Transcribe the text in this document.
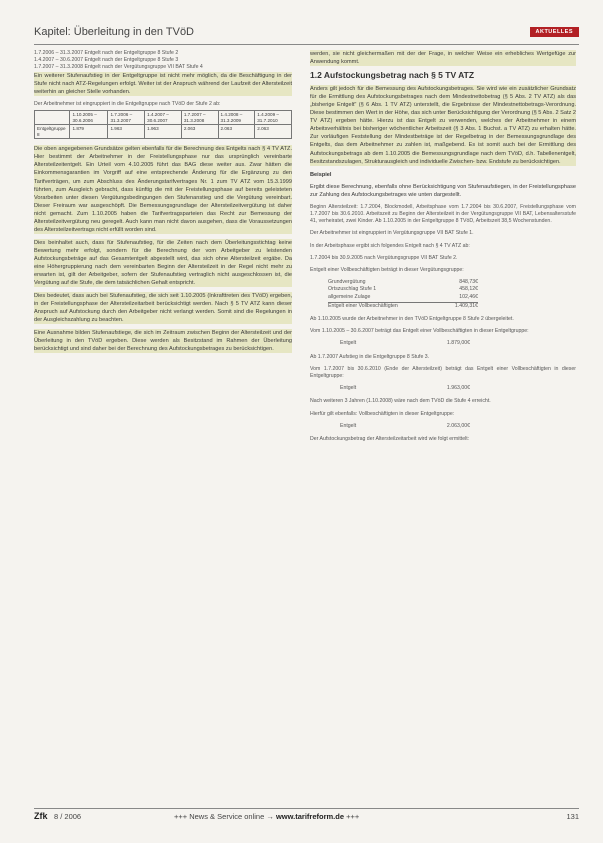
Kapitel: Überleitung in den TVöD	AKTUELLES
1.7.2006 – 31.3.2007 Entgelt nach der Entgeltgruppe 8 Stufe 2
1.4.2007 – 30.6.2007 Entgelt nach der Entgeltgruppe 8 Stufe 3
1.7.2007 – 31.3.2008 Entgelt nach der Vergütungsgruppe VII BAT Stufe 4

Ein weiterer Stufenaufstieg in der Entgeltgruppe ist nicht mehr möglich, da die Beschäftigung in der Stufe nicht nach ATZ-Regelungen erfolgt. Weiter ist der Anspruch während der Laufzeit der Altersteilzeit weiterhin an gleicher Stelle vorhanden.

Der Arbeitnehmer ist eingruppiert in die Entgeltgruppe nach TVöD der Stufe 2 ab:
	1.10.2005 – 30.6.2006	1.7.2006 – 31.3.2007	1.4.2007 – 30.6.2007	1.7.2007 – 31.3.2008	1.4.2008 – 31.3.2009	1.4.2009 – 31.7.2010
Entgeltgruppe 8	1.879	1.963	1.963	2.063	2.063	2.063

Die oben angegebenen Grundsätze gelten ebenfalls für die Berechnung des Entgelts nach § 4 TV ATZ. Hier bestimmt der Arbeitnehmer in der Freistellungsphase nur das ursprünglich vereinbarte Altersteilzeitentgelt. Ein Urteil vom 4.10.2005 führt das BAG diese weiter aus. Zwar hätten die Einkommensgarantien im Vorgriff auf eine entsprechende Änderung für die Ergänzung zu den Tarifverträgen, um zum Abschluss des Änderungstarifvertrages Nr. 1 zum TV ATZ vom 15.3.1999 führten, zum Ausgleich gebracht, dass künftig die mit der Freistellungsphase auf bereits geleisteten Vorarbeiten unter diesen Vergütungsbedingungen den Stufenanstieg und die Vergütung vereinbart. Dieser Freiraum war ausgeschöpft. Die Bemessungsgrundlage der Altersteilzeitvergütung ist daher nicht gemacht. Zum 1.10.2005 haben die Tarifvertragsparteien das Recht zur Bemessung der Altersteilzeitvergütung neu geregelt. Auch kann man nicht davon ausgehen, dass die Voraussetzungen des Altersteilzeitvertrags nicht erfüllt worden sind.

Dies beinhaltet auch, dass für Stufenaufstieg, für die Zeiten nach dem Überleitungsstichtag keine Bewertung mehr erfolgt, sondern für die Berechnung der vom Arbeitgeber zu leistenden Aufstockungsbeträge auf das Gesamtentgelt abgestellt wird, das sich ohne Altersteilzeit ergäbe. Da eine Höhergruppierung nach dem vereinbarten Beginn der Altersteilzeit in der Regel nicht mehr zu erwarten ist, gilt der Arbeitgeber, sofern der Stufenaufstieg vertraglich nicht ausgeschlossen ist, die Vergütung auf die Stufe, die dem tatsächlichen Gehalt entspricht.

Dies bedeutet, dass auch bei Stufenaufstieg, die sich seit 1.10.2005 (Inkrafttreten des TVöD) ergeben, in der Freistellungsphase der Altersteilzeitarbeit berücksichtigt werden. Nach § 5 TV ATZ kann dieser Anspruch auf Aufstockung durch den Arbeitgeber nicht verlangt werden. Somit sind die Regelungen in der Ausgleichszahlung zu beachten.

Eine Ausnahme bilden Stufenaufstiege, die sich im Zeitraum zwischen Beginn der Altersteilzeit und der Überleitung in den TVöD ergeben. Diese werden als Besitzstand im Rahmen der Überleitung berücksichtigt und sind daher bei der Berechnung des Aufstockungsbetrages zu berücksichtigen.

werden, sie nicht gleichermaßen mit der der Frage, in welcher Weise ein erhebliches Wertgefüge zur Anwendung kommt.

1.2 Aufstockungsbetrag nach § 5 TV ATZ

Anders gilt jedoch für die Bemessung des Aufstockungsbetrages. Sie wird wie ein zusätzlicher Grundsatz für die Ermittlung des Aufstockungsbetrages nach dem Mindestnettobetrag (§ 5 Abs. 2 TV ATZ) als das „bisherige Entgelt" (§ 6 Abs. 1 TV ATZ) unterstellt, die Ergebnisse der Mindestnettobetrags-Verordnung. Diese bestimmen den Wert in der Höhe, das sich unter Berücksichtigung der Verordnung (§ 5 Abs. 2 Satz 2 TV ATZ) ergeben hätte. Hierzu ist das Entgelt zu verwenden, welches der Arbeitnehmer in einem Arbeitsverhältnis bei bisheriger wöchentlicher Arbeitszeit (§ 3 Abs. 1 Buchst. a TV ATZ) zu erhalten hätte. Zur vorläufigen Feststellung der Mindestbeträge ist der Regelbetrag in der Bemessungsgrundlage des Entgelts, das dem Arbeitnehmer zu zahlen ist, maßgebend. Es ist somit auch bei der Ermittlung des Aufstockungsbetrags ab dem 1.10.2005 die Bemessungsgrundlage nach dem TVöD, d.h. Tabellenentgelt, Besitzstandszulagen, Strukturausgleich und individuelle Zwischen- bzw. Endstufe zu berücksichtigen.

Beispiel

Ergibt diese Berechnung, ebenfalls ohne Berücksichtigung von Stufenaufstiegen, in der Freistellungsphase zur Zahlung des Aufstockungsbetrages wie unten dargestellt.

Beginn Altersteilzeit: 1.7.2004, Blockmodell, Arbeitsphase vom 1.7.2004 bis 30.6.2007, Freistellungsphase vom 1.7.2007 bis 30.6.2010. Arbeitszeit zu Beginn der Altersteilzeit in der Vergütungsgruppe VII BAT, Lebensaltersstufe 41, verheiratet, zwei Kinder. Ab 1.10.2005 in der Entgeltgruppe 8 TVöD, Arbeitszeit 38,5 Wochenstunden.

Der Arbeitnehmer ist eingruppiert in Vergütungsgruppe VII BAT Stufe 1.

In der Arbeitsphase ergibt sich folgendes Entgelt nach § 4 TV ATZ ab:

1.7.2004 bis 30.9.2005 nach Vergütungsgruppe VII BAT Stufe 2.

Entgelt einer Vollbeschäftigten beträgt in dieser Vergütungsgruppe:

Grundvergütung	848,73€
Ortszuschlag Stufe 1	458,12€
allgemeine Zulage	102,46€
Entgelt einer Vollbeschäftigten	1.409,31€

Ab 1.10.2005 wurde der Arbeitnehmer in den TVöD Entgeltgruppe 8 Stufe 2 übergeleitet.

Vom 1.10.2005 – 30.6.2007 beträgt das Entgelt einer Vollbeschäftigten in dieser Entgeltgruppe:

Entgelt	1.879,00€

Ab 1.7.2007 Aufstieg in die Entgeltgruppe 8 Stufe 3.

Vom 1.7.2007 bis 30.6.2010 (Ende der Altersteilzeit) beträgt das Entgelt einer Vollbeschäftigten in dieser Entgeltgruppe:

Entgelt	1.963,00€

Nach weiteren 3 Jahren (1.10.2008) wäre nach dem TVöD die Stufe 4 erreicht.

Hierfür gilt ebenfalls: Vollbeschäftigten in dieser Entgeltgruppe:

Entgelt	2.063,00€

Der Aufstockungsbetrag der Altersteilzeitarbeit wird wie folgt ermittelt:

Zfk 8 / 2006	+++ News & Service online → www.tarifreform.de +++	131
